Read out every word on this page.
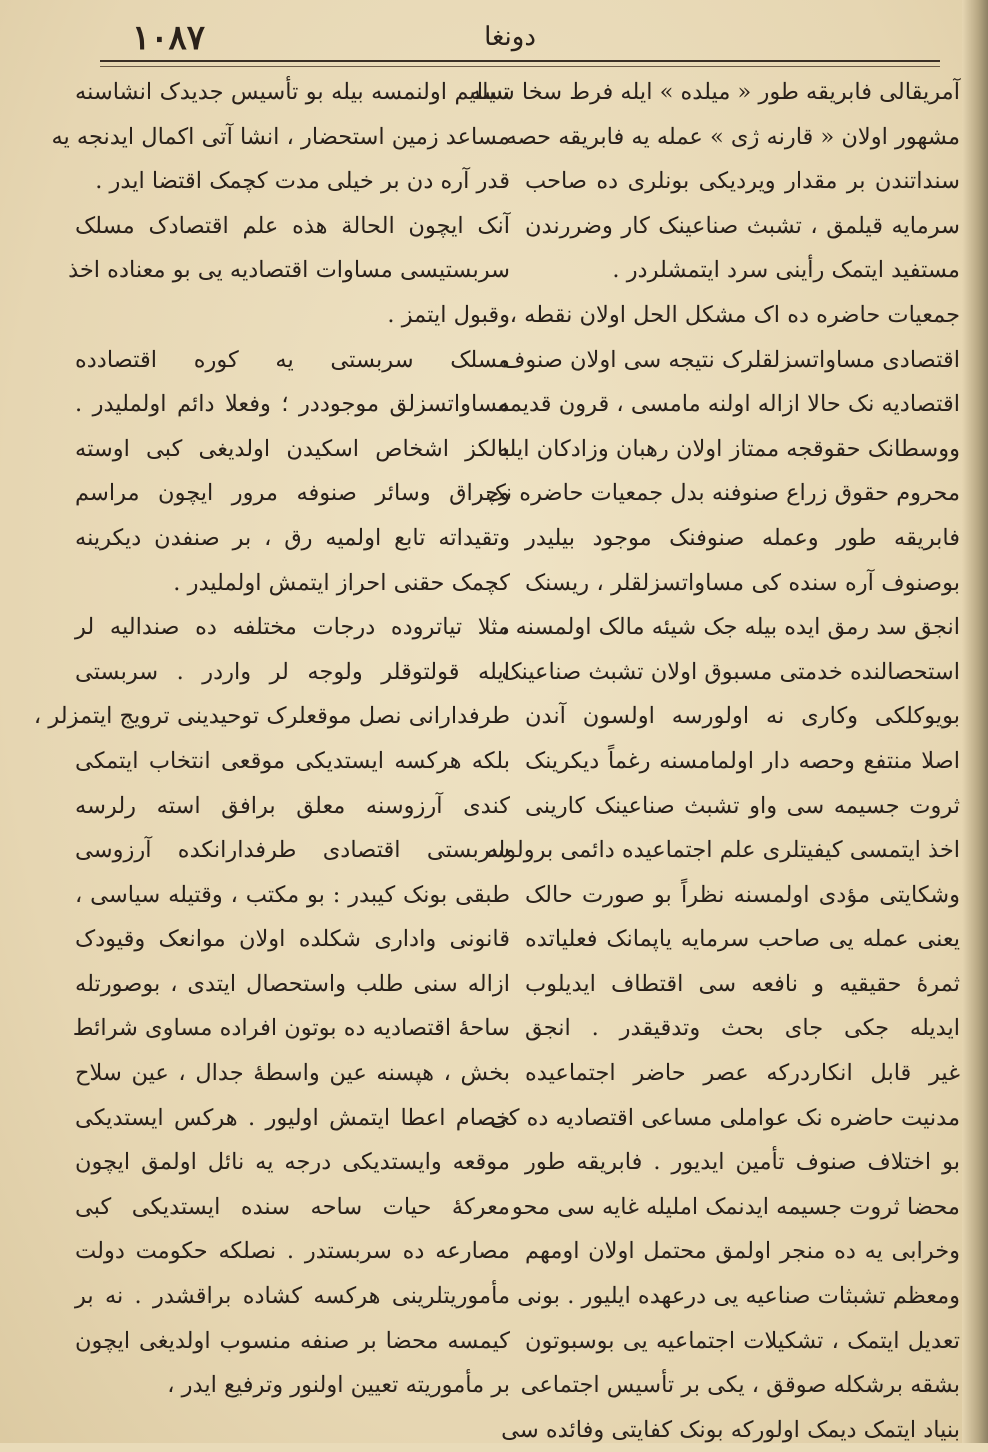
١٠٨٧	دونغا
آمریقالی فابریقه طور « میلده » ایله فرط سخا سیله
مشهور اولان « قارنه ژی » عمله یه فابریقه حصه
سنداتندن بر مقدار ویردیکی بونلری ده صاحب
سرمایه قیلمق ، تشبث صناعینک کار وضررندن
مستفید ایتمک رأینی سرد ایتمشلردر .
جمعیات حاضره ده اک مشکل الحل اولان نقطه ،
اقتصادی مساواتسزلقلرک نتیجه سی اولان صنوف
اقتصادیه نک حالا ازاله اولنه مامسی ، قرون قدیمه
ووسطانک حقوقجه ممتاز اولان رهبان وزادکان ایله
محروم حقوق زراع صنوفنه بدل جمعیات حاضره نک
فابریقه طور وعمله صنوفنک موجود بیلیدر
بوصنوف آره سنده کی مساواتسزلقلر ، ریسنک
انجق سد رمق ایده بیله جک شیئه مالک اولمسنه ،
استحصالنده خدمتی مسبوق اولان تشبث صناعینک
بویوکلکی وکاری نه اولورسه اولسون آندن
اصلا منتفع وحصه دار اولمامسنه رغماً دیکرینک
ثروت جسیمه سی واو تشبث صناعینک کارینی
اخذ ایتمسی کیفیتلری علم اجتماعیده دائمی برولوله
وشکایتی مؤدی اولمسنه نظراً بو صورت حالک
یعنی عمله یی صاحب سرمایه یاپمانک فعلیاتده
ثمرهٔ حقیقیه و نافعه سی اقتطاف ایدیلوب
ایدیله جکی جای بحث وتدقیقدر . انجق
غیر قابل انکاردرکه عصر حاضر اجتماعیده
مدنیت حاضره نک عواملی مساعی اقتصادیه ده کی
بو اختلاف صنوف تأمین ایدیور . فابریقه طور
محضا ثروت جسیمه ایدنمک املیله غایه سی محو
وخرابی یه ده منجر اولمق محتمل اولان اومهم
ومعظم تشبثات صناعیه یی درعهده ایلیور . بونی
تعدیل ایتمک ، تشکیلات اجتماعیه یی بوسبوتون
بشقه برشکله صوقق ، یکی بر تأسیس اجتماعی
بنیاد ایتمک دیمک اولورکه بونک کفایتی وفائده سی
تسلیم اولنمسه بیله بو تأسیس جدیدک انشاسنه
مساعد زمین استحضار ، انشا آتی اکمال ایدنجه یه
قدر آره دن بر خیلی مدت کچمک اقتضا ایدر .
آنک ایچون الحالة هذه علم اقتصادک مسلک
سربستیسی مساوات اقتصادیه یی بو معناده اخذ
وقبول ایتمز .
مسلک سربستی یه کوره اقتصادده
مساواتسزلق موجوددر ؛ وفعلا دائم اولملیدر .
بالکز اشخاص اسکیدن اولدیغی کبی اوسته
وچراق وسائر صنوفه مرور ایچون مراسم
وتقیداته تابع اولمیه رق ، بر صنفدن دیکرینه
کچمک حقنی احراز ایتمش اولملیدر .
مثلا تیاتروده درجات مختلفه ده صندالیه لر
ایله قولتوقلر ولوجه لر واردر . سربستی
طرفدارانی نصل موقعلرک توحیدینی ترویج ایتمزلر ،
بلکه هرکسه ایستدیکی موقعی انتخاب ایتمکی
کندی آرزوسنه معلق برافق استه رلرسه
سربستی اقتصادی طرفدارانکده آرزوسی
طبقی بونک کیبدر : بو مکتب ، وقتیله سیاسی ،
قانونی واداری شکلده اولان موانعک وقیودک
ازاله سنی طلب واستحصال ایتدی ، بوصورتله
ساحهٔ اقتصادیه ده بوتون افراده مساوی شرائط
بخش ، هپسنه عین واسطهٔ جدال ، عین سلاح
خصام اعطا ایتمش اولیور . هرکس ایستدیکی
موقعه وایستدیکی درجه یه نائل اولمق ایچون
معرکهٔ حیات ساحه سنده ایستدیکی کبی
مصارعه ده سربستدر . نصلکه حکومت دولت
مأموریتلرینی هرکسه کشاده براقشدر . نه بر
کیمسه محضا بر صنفه منسوب اولدیغی ایچون
بر مأموریته تعیین اولنور وترفیع ایدر ،
